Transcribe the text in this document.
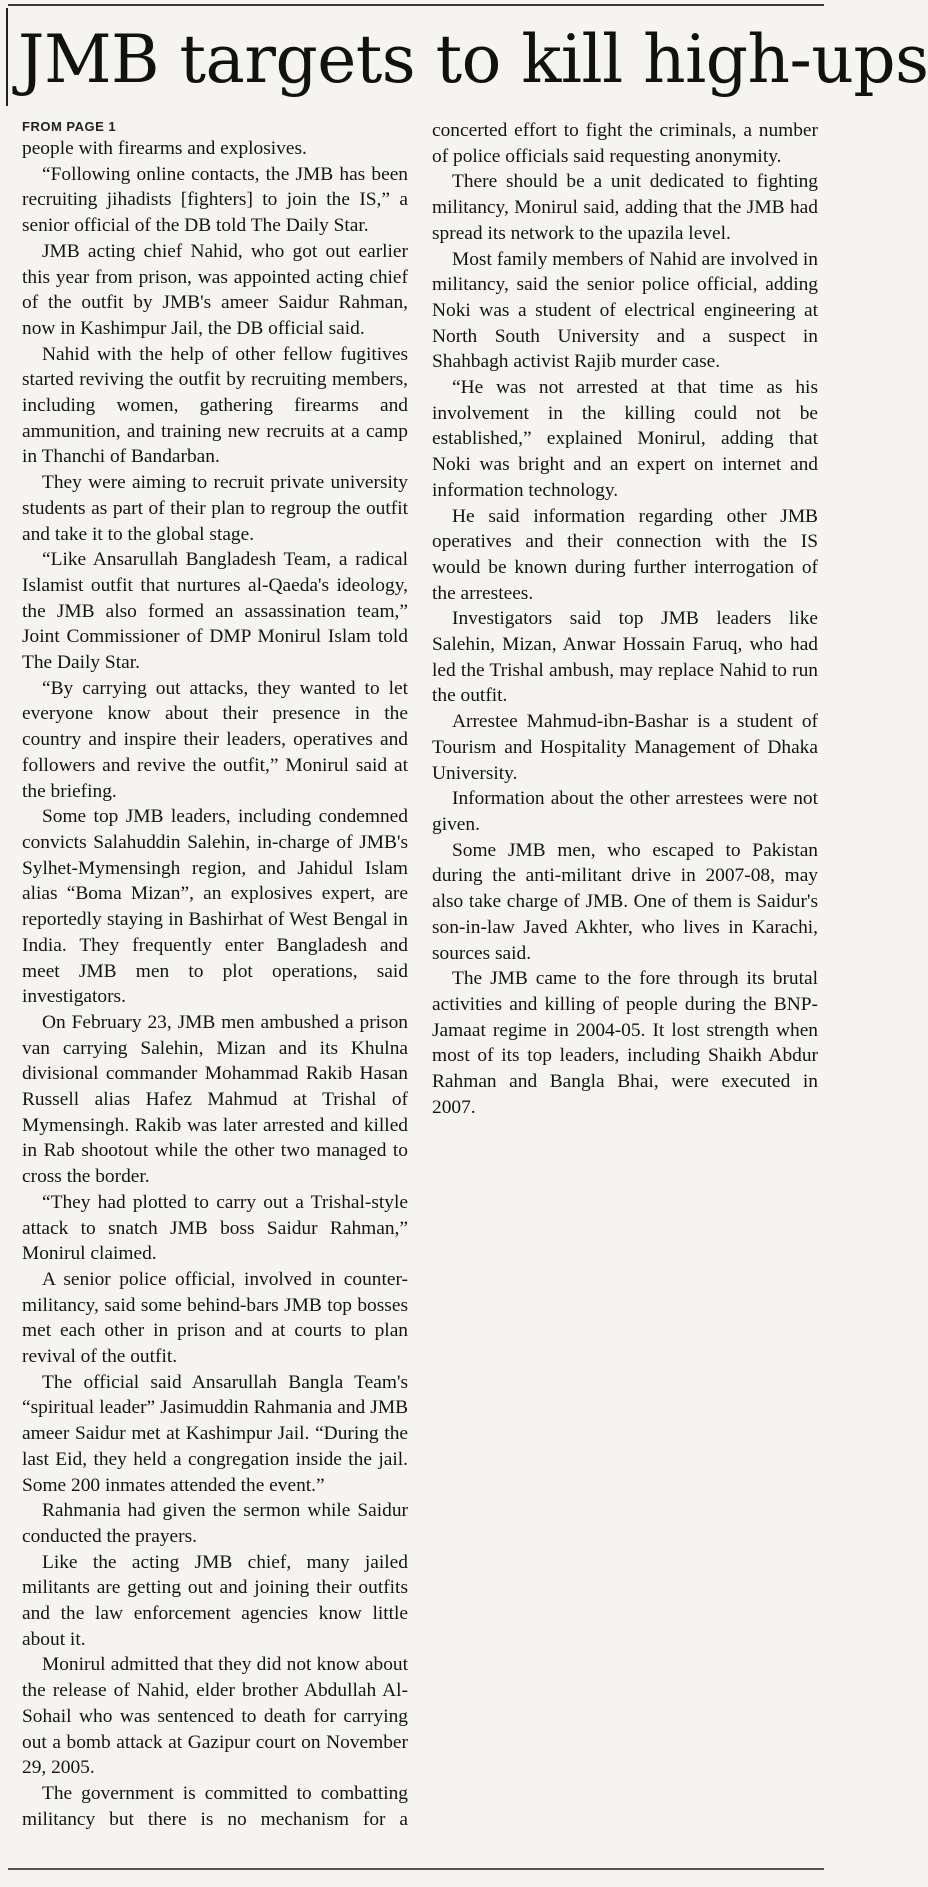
JMB targets to kill high-ups
FROM PAGE 1

people with firearms and explosives.

“Following online contacts, the JMB has been recruiting jihadists [fighters] to join the IS,” a senior official of the DB told The Daily Star.

JMB acting chief Nahid, who got out earlier this year from prison, was appointed acting chief of the outfit by JMB's ameer Saidur Rahman, now in Kashimpur Jail, the DB official said.

Nahid with the help of other fellow fugitives started reviving the outfit by recruiting members, including women, gathering firearms and ammunition, and training new recruits at a camp in Thanchi of Bandarban.

They were aiming to recruit private university students as part of their plan to regroup the outfit and take it to the global stage.

“Like Ansarullah Bangladesh Team, a radical Islamist outfit that nurtures al-Qaeda's ideology, the JMB also formed an assassination team,” Joint Commissioner of DMP Monirul Islam told The Daily Star.

“By carrying out attacks, they wanted to let everyone know about their presence in the country and inspire their leaders, operatives and followers and revive the outfit,” Monirul said at the briefing.

Some top JMB leaders, including condemned convicts Salahuddin Salehin, in-charge of JMB's Sylhet-Mymensingh region, and Jahidul Islam alias “Boma Mizan”, an explosives expert, are reportedly staying in Bashirhat of West Bengal in India. They frequently enter Bangladesh and meet JMB men to plot operations, said investigators.

On February 23, JMB men ambushed a prison van carrying Salehin, Mizan and its Khulna divisional commander Mohammad Rakib Hasan Russell alias Hafez Mahmud at Trishal of Mymensingh. Rakib was later arrested and killed in Rab shootout while the other two managed to cross the border.

“They had plotted to carry out a Trishal-style attack to snatch JMB boss Saidur Rahman,” Monirul claimed.

A senior police official, involved in counter-militancy, said some behind-bars JMB top bosses met each other in prison and at courts to plan revival of the outfit.

The official said Ansarullah Bangla Team's “spiritual leader” Jasimuddin Rahmania and JMB ameer Saidur met at Kashimpur Jail. “During the last Eid, they held a congregation inside the jail. Some 200 inmates attended the event.”

Rahmania had given the sermon while Saidur conducted the prayers.

Like the acting JMB chief, many jailed militants are getting out and joining their outfits and the law enforcement agencies know little about it.

Monirul admitted that they did not know about the release of Nahid, elder brother Abdullah Al-Sohail who was sentenced to death for carrying out a bomb attack at Gazipur court on November 29, 2005.

The government is committed to combatting militancy but there is no mechanism for a concerted effort to fight the criminals, a number of police officials said requesting anonymity.

There should be a unit dedicated to fighting militancy, Monirul said, adding that the JMB had spread its network to the upazila level.

Most family members of Nahid are involved in militancy, said the senior police official, adding Noki was a student of electrical engineering at North South University and a suspect in Shahbagh activist Rajib murder case.

“He was not arrested at that time as his involvement in the killing could not be established,” explained Monirul, adding that Noki was bright and an expert on internet and information technology.

He said information regarding other JMB operatives and their connection with the IS would be known during further interrogation of the arrestees.

Investigators said top JMB leaders like Salehin, Mizan, Anwar Hossain Faruq, who had led the Trishal ambush, may replace Nahid to run the outfit.

Arrestee Mahmud-ibn-Bashar is a student of Tourism and Hospitality Management of Dhaka University.

Information about the other arrestees were not given.

Some JMB men, who escaped to Pakistan during the anti-militant drive in 2007-08, may also take charge of JMB. One of them is Saidur's son-in-law Javed Akhter, who lives in Karachi, sources said.

The JMB came to the fore through its brutal activities and killing of people during the BNP-Jamaat regime in 2004-05. It lost strength when most of its top leaders, including Shaikh Abdur Rahman and Bangla Bhai, were executed in 2007.
